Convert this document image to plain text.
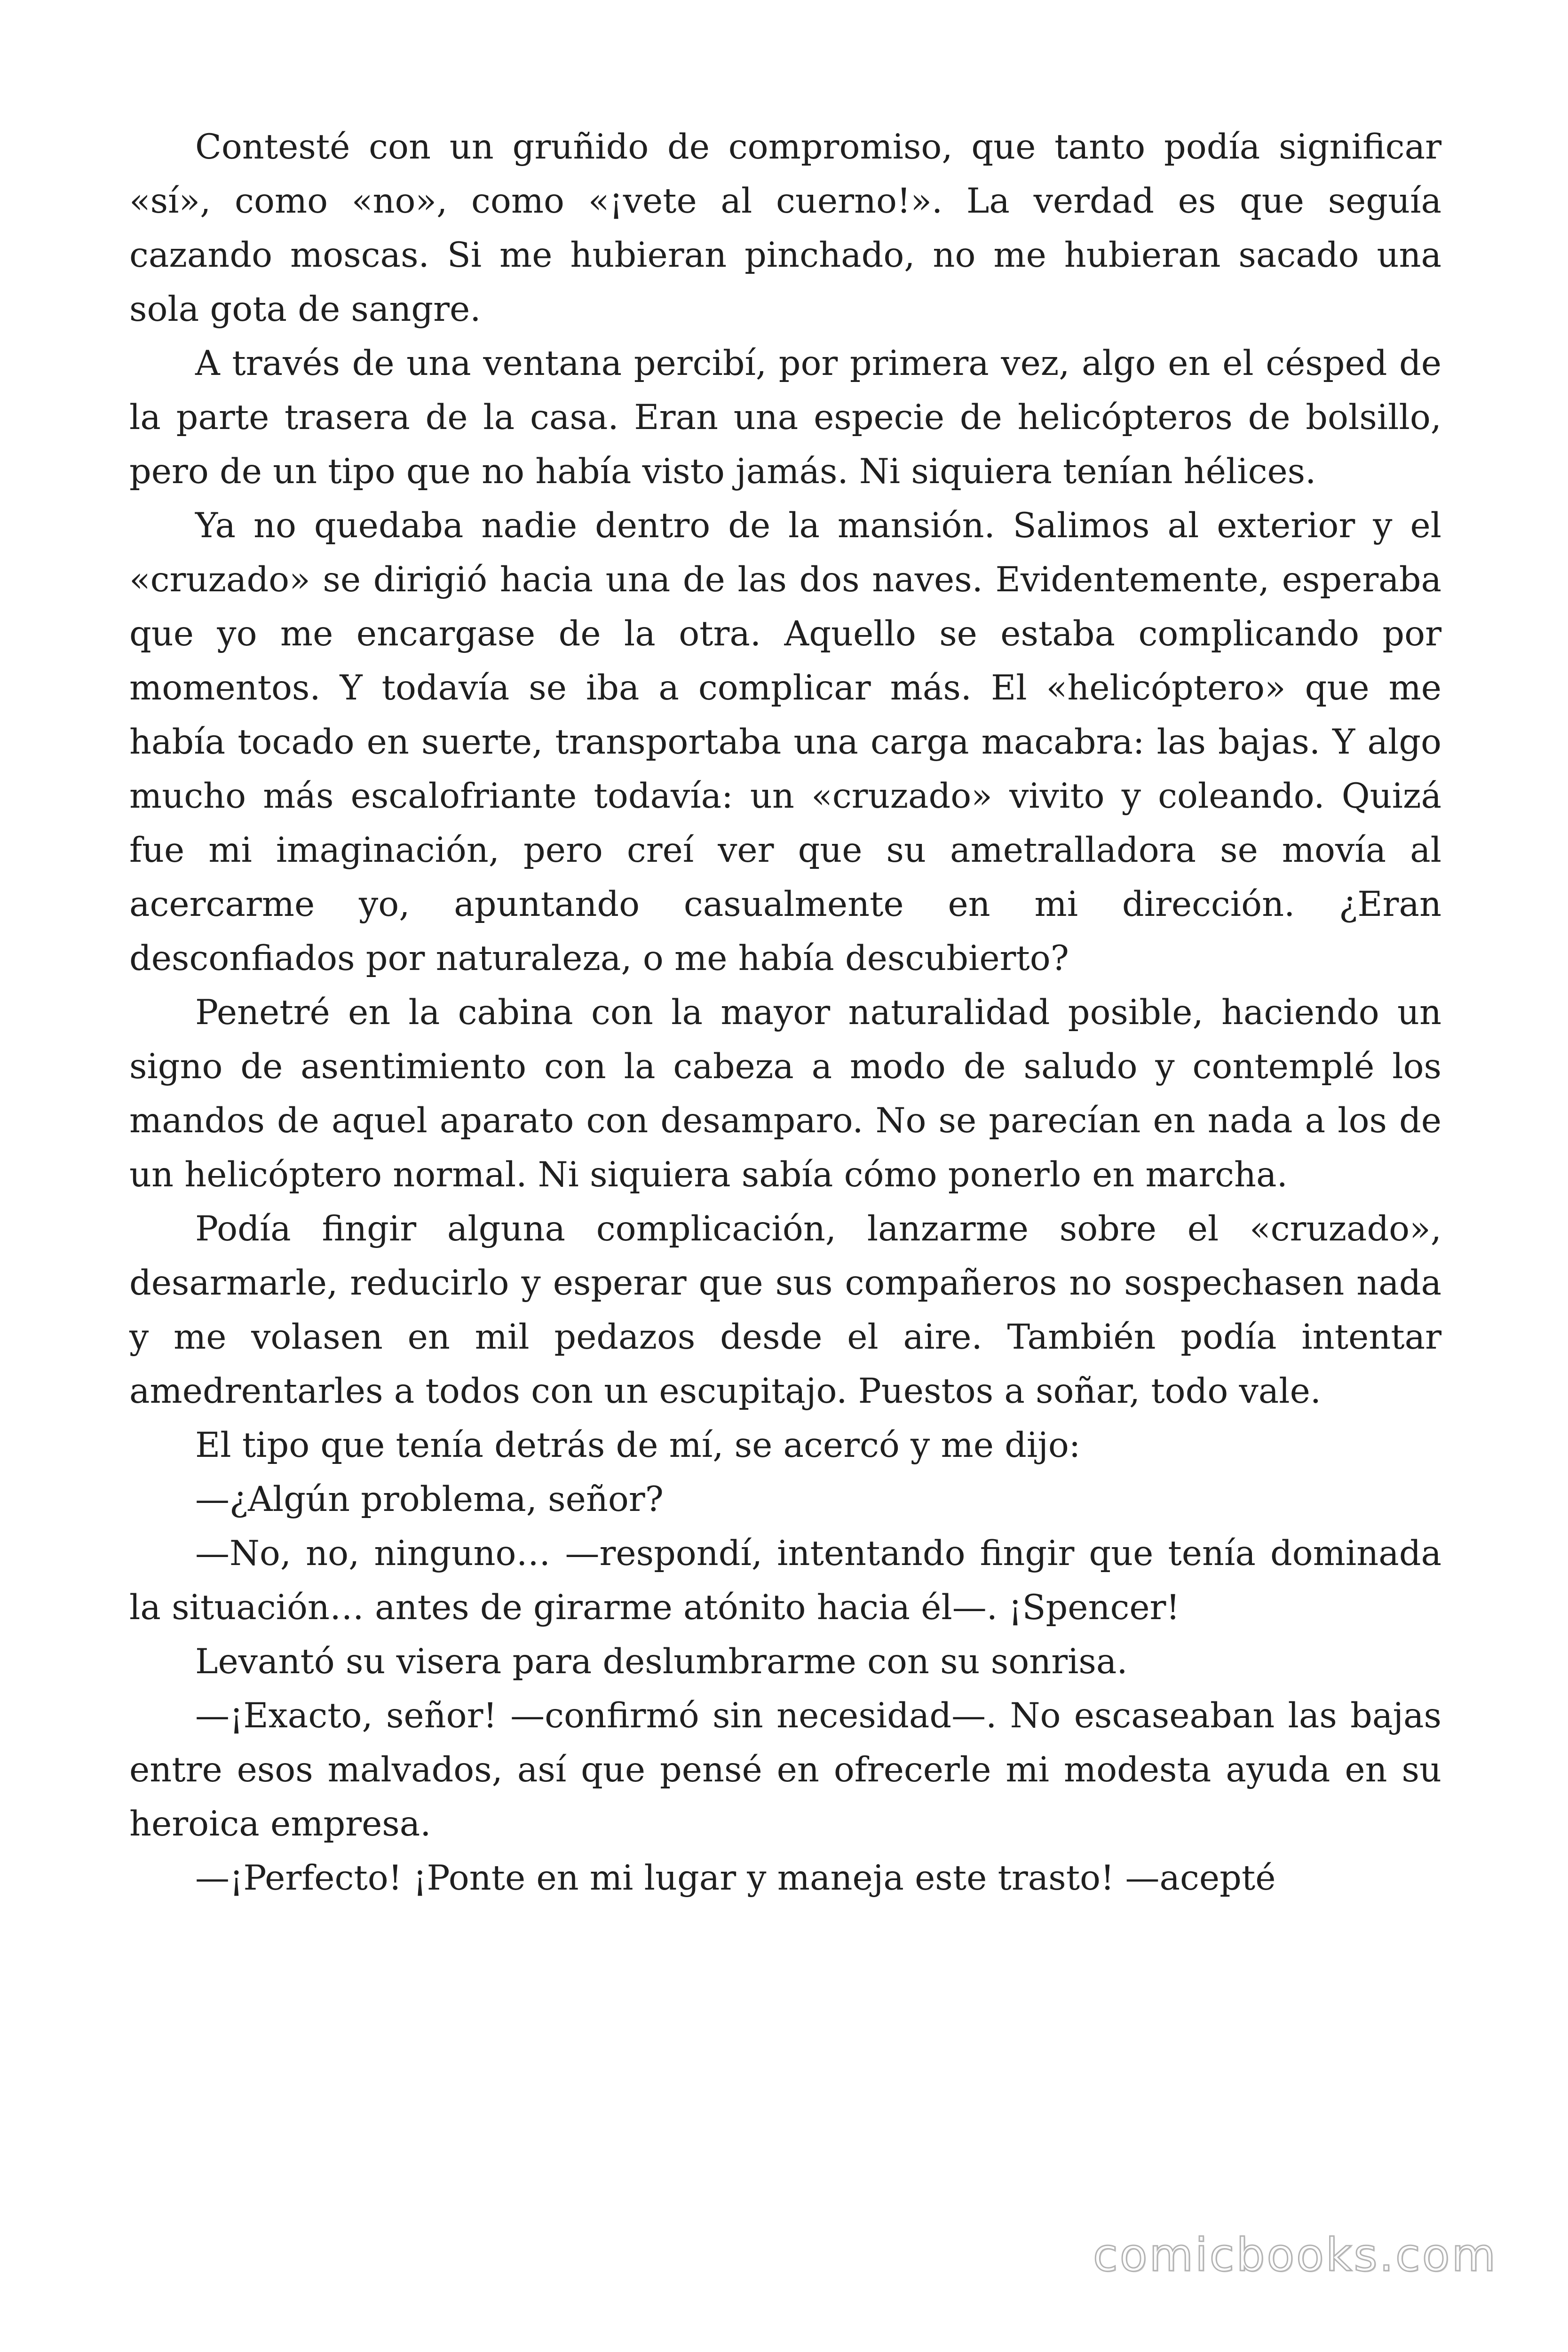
Contesté con un gruñido de compromiso, que tanto podía significar «sí», como «no», como «¡vete al cuerno!». La verdad es que seguía cazando moscas. Si me hubieran pinchado, no me hubieran sacado una sola gota de sangre.

A través de una ventana percibí, por primera vez, algo en el césped de la parte trasera de la casa. Eran una especie de helicópteros de bolsillo, pero de un tipo que no había visto jamás. Ni siquiera tenían hélices.

Ya no quedaba nadie dentro de la mansión. Salimos al exterior y el «cruzado» se dirigió hacia una de las dos naves. Evidentemente, esperaba que yo me encargase de la otra. Aquello se estaba complicando por momentos. Y todavía se iba a complicar más. El «helicóptero» que me había tocado en suerte, transportaba una carga macabra: las bajas. Y algo mucho más escalofriante todavía: un «cruzado» vivito y coleando. Quizá fue mi imaginación, pero creí ver que su ametralladora se movía al acercarme yo, apuntando casualmente en mi dirección. ¿Eran desconfiados por naturaleza, o me había descubierto?

Penetré en la cabina con la mayor naturalidad posible, haciendo un signo de asentimiento con la cabeza a modo de saludo y contemplé los mandos de aquel aparato con desamparo. No se parecían en nada a los de un helicóptero normal. Ni siquiera sabía cómo ponerlo en marcha.

Podía fingir alguna complicación, lanzarme sobre el «cruzado», desarmarle, reducirlo y esperar que sus compañeros no sospechasen nada y me volasen en mil pedazos desde el aire. También podía intentar amedrentarles a todos con un escupitajo. Puestos a soñar, todo vale.

El tipo que tenía detrás de mí, se acercó y me dijo:

—¿Algún problema, señor?

—No, no, ninguno… —respondí, intentando fingir que tenía dominada la situación… antes de girarme atónito hacia él—. ¡Spencer!

Levantó su visera para deslumbrarme con su sonrisa.

—¡Exacto, señor! —confirmó sin necesidad—. No escaseaban las bajas entre esos malvados, así que pensé en ofrecerle mi modesta ayuda en su heroica empresa.

—¡Perfecto! ¡Ponte en mi lugar y maneja este trasto! —acepté

comicbooks.com
